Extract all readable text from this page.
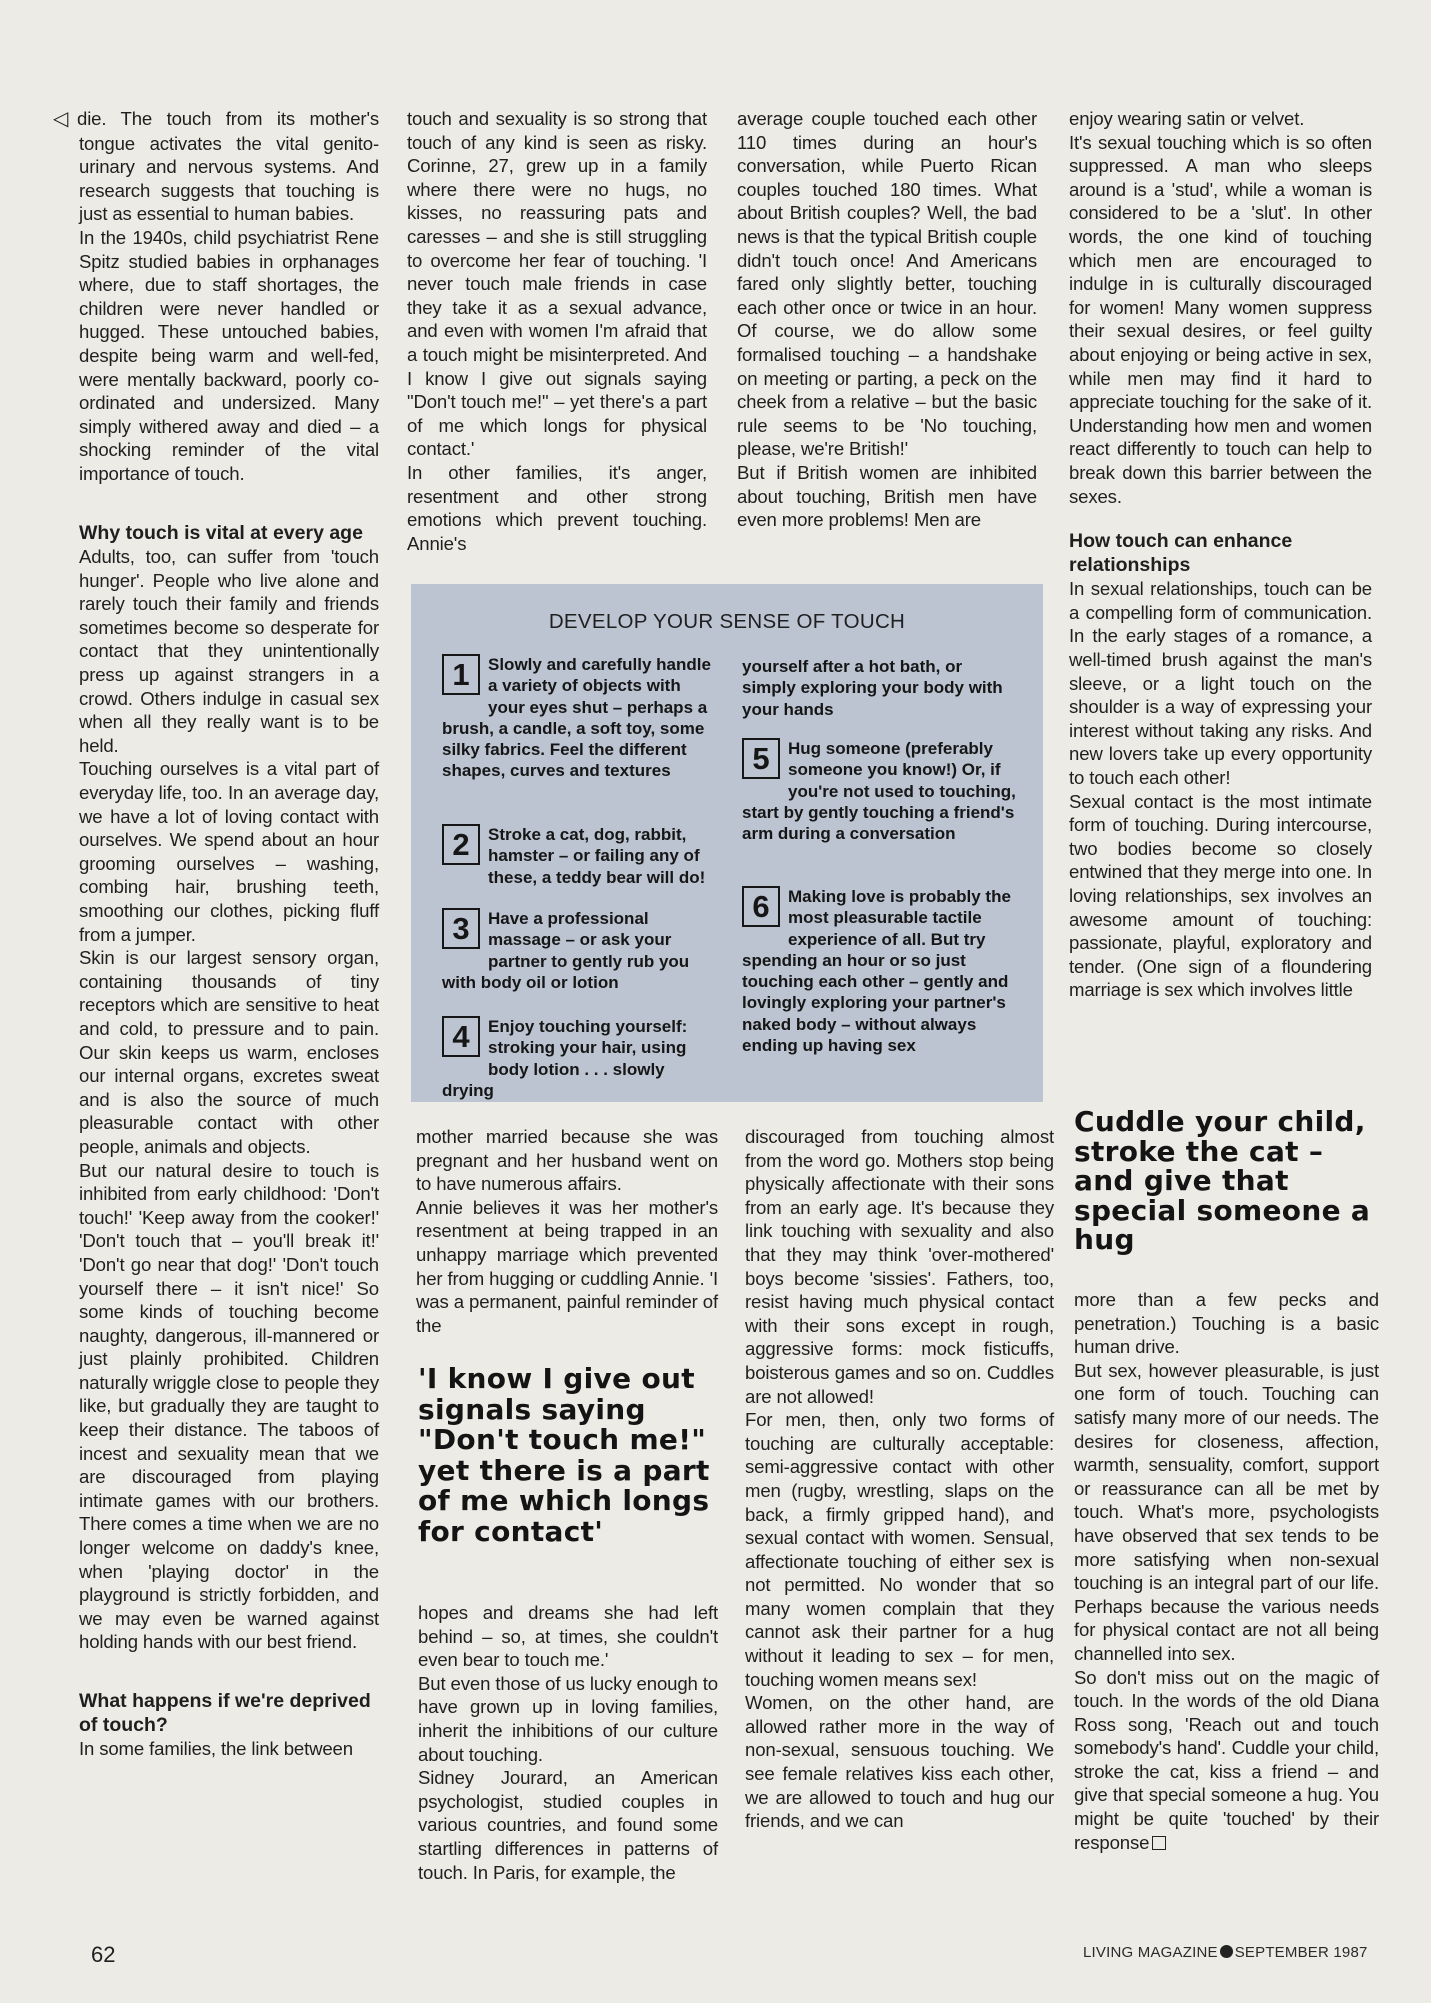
◁ die. The touch from its mother's tongue activates the vital genito-urinary and nervous systems. And research suggests that touching is just as essential to human babies.

In the 1940s, child psychiatrist Rene Spitz studied babies in orphanages where, due to staff shortages, the children were never handled or hugged. These untouched babies, despite being warm and well-fed, were mentally backward, poorly co-ordinated and undersized. Many simply withered away and died – a shocking reminder of the vital importance of touch.

Why touch is vital at every age

Adults, too, can suffer from 'touch hunger'. People who live alone and rarely touch their family and friends sometimes become so desperate for contact that they unintentionally press up against strangers in a crowd. Others indulge in casual sex when all they really want is to be held.

Touching ourselves is a vital part of everyday life, too. In an average day, we have a lot of loving contact with ourselves. We spend about an hour grooming ourselves – washing, combing hair, brushing teeth, smoothing our clothes, picking fluff from a jumper.

Skin is our largest sensory organ, containing thousands of tiny receptors which are sensitive to heat and cold, to pressure and to pain. Our skin keeps us warm, encloses our internal organs, excretes sweat and is also the source of much pleasurable contact with other people, animals and objects.

But our natural desire to touch is inhibited from early childhood: 'Don't touch!' 'Keep away from the cooker!' 'Don't touch that – you'll break it!' 'Don't go near that dog!' 'Don't touch yourself there – it isn't nice!' So some kinds of touching become naughty, dangerous, ill-mannered or just plainly prohibited. Children naturally wriggle close to people they like, but gradually they are taught to keep their distance. The taboos of incest and sexuality mean that we are discouraged from playing intimate games with our brothers. There comes a time when we are no longer welcome on daddy's knee, when 'playing doctor' in the playground is strictly forbidden, and we may even be warned against holding hands with our best friend.

What happens if we're deprived of touch?

In some families, the link between

touch and sexuality is so strong that touch of any kind is seen as risky. Corinne, 27, grew up in a family where there were no hugs, no kisses, no reassuring pats and caresses – and she is still struggling to overcome her fear of touching. 'I never touch male friends in case they take it as a sexual advance, and even with women I'm afraid that a touch might be misinterpreted. And I know I give out signals saying "Don't touch me!" – yet there's a part of me which longs for physical contact.'

In other families, it's anger, resentment and other strong emotions which prevent touching. Annie's

average couple touched each other 110 times during an hour's conversation, while Puerto Rican couples touched 180 times. What about British couples? Well, the bad news is that the typical British couple didn't touch once! And Americans fared only slightly better, touching each other once or twice in an hour. Of course, we do allow some formalised touching – a handshake on meeting or parting, a peck on the cheek from a relative – but the basic rule seems to be 'No touching, please, we're British!'

But if British women are inhibited about touching, British men have even more problems! Men are

enjoy wearing satin or velvet.

It's sexual touching which is so often suppressed. A man who sleeps around is a 'stud', while a woman is considered to be a 'slut'. In other words, the one kind of touching which men are encouraged to indulge in is culturally discouraged for women! Many women suppress their sexual desires, or feel guilty about enjoying or being active in sex, while men may find it hard to appreciate touching for the sake of it. Understanding how men and women react differently to touch can help to break down this barrier between the sexes.

How touch can enhance relationships

In sexual relationships, touch can be a compelling form of communication. In the early stages of a romance, a well-timed brush against the man's sleeve, or a light touch on the shoulder is a way of expressing your interest without taking any risks. And new lovers take up every opportunity to touch each other!

Sexual contact is the most intimate form of touching. During intercourse, two bodies become so closely entwined that they merge into one. In loving relationships, sex involves an awesome amount of touching: passionate, playful, exploratory and tender. (One sign of a floundering marriage is sex which involves little

DEVELOP YOUR SENSE OF TOUCH
1	Slowly and carefully handle a variety of objects with your eyes shut – perhaps a brush, a candle, a soft toy, some silky fabrics. Feel the different shapes, curves and textures
2	Stroke a cat, dog, rabbit, hamster – or failing any of these, a teddy bear will do!
3	Have a professional massage – or ask your partner to gently rub you with body oil or lotion
4	Enjoy touching yourself: stroking your hair, using body lotion . . . slowly drying
yourself after a hot bath, or simply exploring your body with your hands
5	Hug someone (preferably someone you know!) Or, if you're not used to touching, start by gently touching a friend's arm during a conversation
6	Making love is probably the most pleasurable tactile experience of all. But try spending an hour or so just touching each other – gently and lovingly exploring your partner's naked body – without always ending up having sex

mother married because she was pregnant and her husband went on to have numerous affairs.

Annie believes it was her mother's resentment at being trapped in an unhappy marriage which prevented her from hugging or cuddling Annie. 'I was a permanent, painful reminder of the

'I know I give out signals saying "Don't touch me!" yet there is a part of me which longs for contact'

hopes and dreams she had left behind – so, at times, she couldn't even bear to touch me.'

But even those of us lucky enough to have grown up in loving families, inherit the inhibitions of our culture about touching.

Sidney Jourard, an American psychologist, studied couples in various countries, and found some startling differences in patterns of touch. In Paris, for example, the

discouraged from touching almost from the word go. Mothers stop being physically affectionate with their sons from an early age. It's because they link touching with sexuality and also that they may think 'over-mothered' boys become 'sissies'. Fathers, too, resist having much physical contact with their sons except in rough, aggressive forms: mock fisticuffs, boisterous games and so on. Cuddles are not allowed!

For men, then, only two forms of touching are culturally acceptable: semi-aggressive contact with other men (rugby, wrestling, slaps on the back, a firmly gripped hand), and sexual contact with women. Sensual, affectionate touching of either sex is not permitted. No wonder that so many women complain that they cannot ask their partner for a hug without it leading to sex – for men, touching women means sex!

Women, on the other hand, are allowed rather more in the way of non-sexual, sensuous touching. We see female relatives kiss each other, we are allowed to touch and hug our friends, and we can

Cuddle your child, stroke the cat – and give that special someone a hug

more than a few pecks and penetration.) Touching is a basic human drive.

But sex, however pleasurable, is just one form of touch. Touching can satisfy many more of our needs. The desires for closeness, affection, warmth, sensuality, comfort, support or reassurance can all be met by touch. What's more, psychologists have observed that sex tends to be more satisfying when non-sexual touching is an integral part of our life. Perhaps because the various needs for physical contact are not all being channelled into sex.

So don't miss out on the magic of touch. In the words of the old Diana Ross song, 'Reach out and touch somebody's hand'. Cuddle your child, stroke the cat, kiss a friend – and give that special someone a hug. You might be quite 'touched' by their response

62	LIVING MAGAZINE SEPTEMBER 1987
